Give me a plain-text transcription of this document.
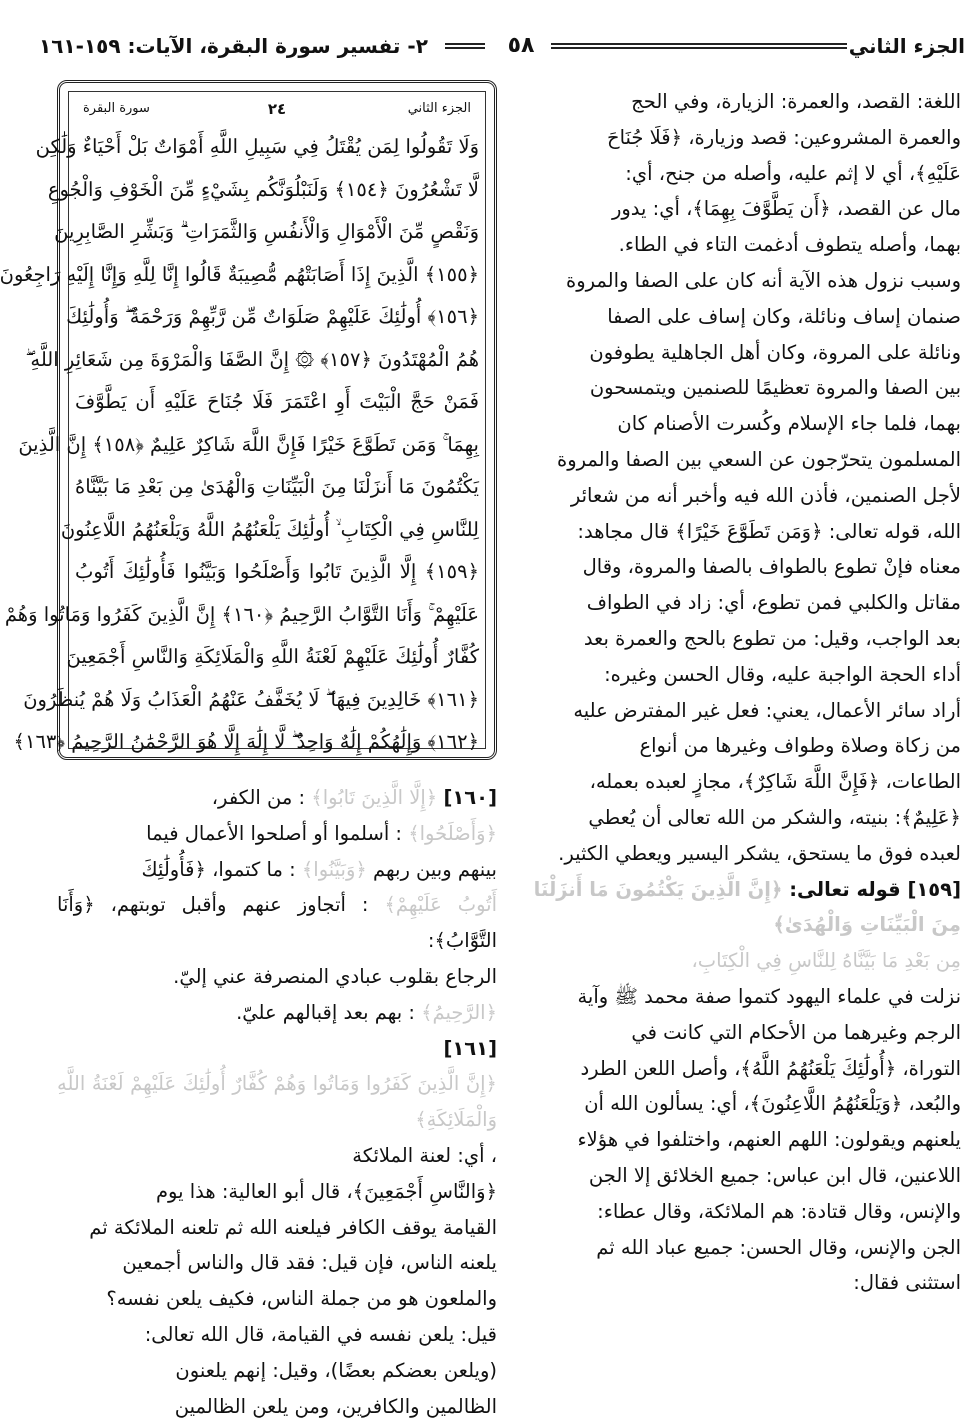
الجزء الثاني
٥٨
٢- تفسير سورة البقرة، الآيات: ١٥٩-١٦١
الجزء الثاني
٢٤
سورة البقرة
وَلَا تَقُولُوا لِمَن يُقْتَلُ فِي سَبِيلِ اللَّهِ أَمْوَاتٌ بَلْ أَحْيَاءٌ وَلَٰكِن
لَّا تَشْعُرُونَ ﴿١٥٤﴾ وَلَنَبْلُوَنَّكُم بِشَيْءٍ مِّنَ الْخَوْفِ وَالْجُوعِ
وَنَقْصٍ مِّنَ الْأَمْوَالِ وَالْأَنفُسِ وَالثَّمَرَاتِ ۗ وَبَشِّرِ الصَّابِرِينَ
﴿١٥٥﴾ الَّذِينَ إِذَا أَصَابَتْهُم مُّصِيبَةٌ قَالُوا إِنَّا لِلَّهِ وَإِنَّا إِلَيْهِ رَاجِعُونَ
﴿١٥٦﴾ أُولَٰئِكَ عَلَيْهِمْ صَلَوَاتٌ مِّن رَّبِّهِمْ وَرَحْمَةٌ ۖ وَأُولَٰئِكَ
هُمُ الْمُهْتَدُونَ ﴿١٥٧﴾ ۞ إِنَّ الصَّفَا وَالْمَرْوَةَ مِن شَعَائِرِ اللَّهِ ۖ
فَمَنْ حَجَّ الْبَيْتَ أَوِ اعْتَمَرَ فَلَا جُنَاحَ عَلَيْهِ أَن يَطَّوَّفَ
بِهِمَا ۚ وَمَن تَطَوَّعَ خَيْرًا فَإِنَّ اللَّهَ شَاكِرٌ عَلِيمٌ ﴿١٥٨﴾ إِنَّ الَّذِينَ
يَكْتُمُونَ مَا أَنزَلْنَا مِنَ الْبَيِّنَاتِ وَالْهُدَىٰ مِن بَعْدِ مَا بَيَّنَّاهُ
لِلنَّاسِ فِي الْكِتَابِ ۙ أُولَٰئِكَ يَلْعَنُهُمُ اللَّهُ وَيَلْعَنُهُمُ اللَّاعِنُونَ
﴿١٥٩﴾ إِلَّا الَّذِينَ تَابُوا وَأَصْلَحُوا وَبَيَّنُوا فَأُولَٰئِكَ أَتُوبُ
عَلَيْهِمْ ۚ وَأَنَا التَّوَّابُ الرَّحِيمُ ﴿١٦٠﴾ إِنَّ الَّذِينَ كَفَرُوا وَمَاتُوا وَهُمْ
كُفَّارٌ أُولَٰئِكَ عَلَيْهِمْ لَعْنَةُ اللَّهِ وَالْمَلَائِكَةِ وَالنَّاسِ أَجْمَعِينَ
﴿١٦١﴾ خَالِدِينَ فِيهَا ۖ لَا يُخَفَّفُ عَنْهُمُ الْعَذَابُ وَلَا هُمْ يُنظَرُونَ
﴿١٦٢﴾ وَإِلَٰهُكُمْ إِلَٰهٌ وَاحِدٌ ۖ لَّا إِلَٰهَ إِلَّا هُوَ الرَّحْمَٰنُ الرَّحِيمُ ﴿١٦٣﴾

اللغة: القصد، والعمرة: الزيارة، وفي الحج

والعمرة المشروعين: قصد وزيارة، ﴿فَلَا جُنَاحَ

عَلَيْهِ﴾، أي لا إثم عليه، وأصله من جنح، أي:

مال عن القصد، ﴿أَن يَطَّوَّفَ بِهِمَا﴾، أي: يدور

بهما، وأصله يتطوف أدغمت التاء في الطاء.

وسبب نزول هذه الآية أنه كان على الصفا والمروة

صنمان إساف ونائلة، وكان إساف على الصفا

ونائلة على المروة، وكان أهل الجاهلية يطوفون

بين الصفا والمروة تعظيمًا للصنمين ويتمسحون

بهما، فلما جاء الإسلام وكُسرت الأصنام كان

المسلمون يتحرّجون عن السعي بين الصفا والمروة

لأجل الصنمين، فأذن الله فيه وأخبر أنه من شعائر

الله، قوله تعالى: ﴿وَمَن تَطَوَّعَ خَيْرًا﴾ قال مجاهد:

معناه فإنْ تطوع بالطواف بالصفا والمروة، وقال

مقاتل والكلبي فمن تطوع، أي: زاد في الطواف

بعد الواجب، وقيل: من تطوع بالحج والعمرة بعد

أداء الحجة الواجبة عليه، وقال الحسن وغيره:

أراد سائر الأعمال، يعني: فعل غير المفترض عليه

من زكاة وصلاة وطواف وغيرها من أنواع

الطاعات، ﴿فَإِنَّ اللَّهَ شَاكِرٌ﴾، مجازٍ لعبده بعمله،

﴿عَلِيمٌ﴾: بنيته، والشكر من الله تعالى أن يُعطي

لعبده فوق ما يستحق، يشكر اليسير ويعطي الكثير.

[١٥٩] قوله تعالى: ﴿إِنَّ الَّذِينَ يَكْتُمُونَ مَا أَنزَلْنَا مِنَ الْبَيِّنَاتِ وَالْهُدَىٰ﴾

مِن بَعْدِ مَا بَيَّنَّاهُ لِلنَّاسِ فِي الْكِتَابِ،

نزلت في علماء اليهود كتموا صفة محمد ﷺ وآية

الرجم وغيرهما من الأحكام التي كانت في

التوراة، ﴿أُولَٰئِكَ يَلْعَنُهُمُ اللَّهُ﴾، وأصل اللعن الطرد

والبُعد، ﴿وَيَلْعَنُهُمُ اللَّاعِنُونَ﴾، أي: يسألون الله أن

يلعنهم ويقولون: اللهم العنهم، واختلفوا في هؤلاء

اللاعنين، قال ابن عباس: جميع الخلائق إلا الجن

والإنس، وقال قتادة: هم الملائكة، وقال عطاء:

الجن والإنس، وقال الحسن: جميع عباد الله ثم

استثنى فقال:

[١٦٠] ﴿إِلَّا الَّذِينَ تَابُوا﴾ : من الكفر،

﴿وَأَصْلَحُوا﴾ : أسلموا أو أصلحوا الأعمال فيما

بينهم وبين ربهم ﴿وَبَيَّنُوا﴾ : ما كتموا، ﴿فَأُولَٰئِكَ

أَتُوبُ عَلَيْهِمْ﴾ : أتجاوز عنهم وأقبل توبتهم، ﴿وَأَنَا التَّوَّابُ﴾:

الرجاع بقلوب عبادي المنصرفة عني إليّ.

﴿الرَّحِيمُ﴾ : بهم بعد إقبالهم عليّ.

[١٦١]

﴿إِنَّ الَّذِينَ كَفَرُوا وَمَاتُوا وَهُمْ كُفَّارٌ أُولَٰئِكَ عَلَيْهِمْ لَعْنَةُ اللَّهِ وَالْمَلَائِكَةِ﴾

، أي: لعنة الملائكة

﴿وَالنَّاسِ أَجْمَعِينَ﴾، قال أبو العالية: هذا يوم

القيامة يوقف الكافر فيلعنه الله ثم تلعنه الملائكة ثم

يلعنه الناس، فإن قيل: فقد قال والناس أجمعين

والملعون هو من جملة الناس، فكيف يلعن نفسه؟

قيل: يلعن نفسه في القيامة، قال الله تعالى:

(ويلعن بعضكم بعضًا)، وقيل: إنهم يلعنون

الظالمين والكافرين، ومن يلعن الظالمين
